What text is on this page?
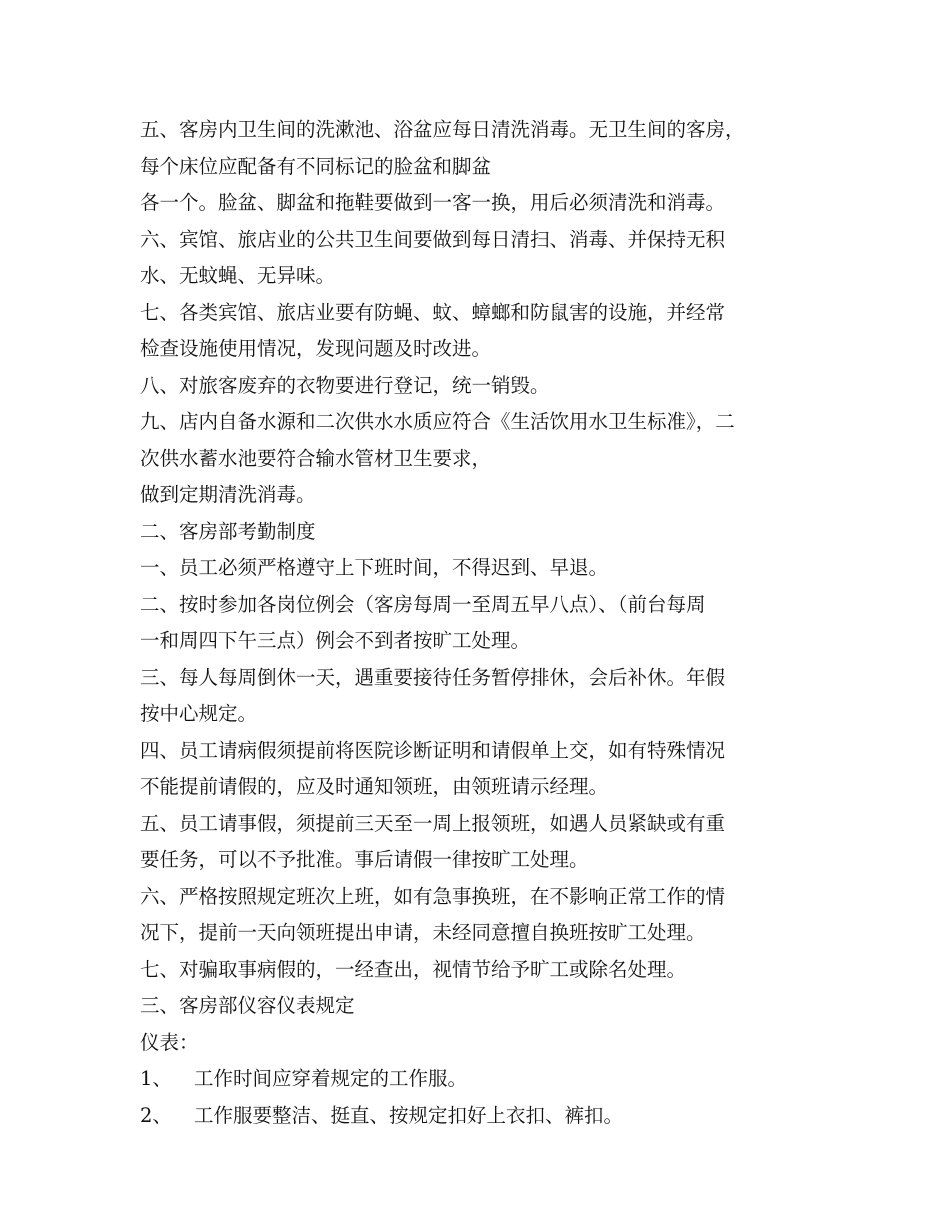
五、客房内卫生间的洗漱池、浴盆应每日清洗消毒。无卫生间的客房，
每个床位应配备有不同标记的脸盆和脚盆
各一个。脸盆、脚盆和拖鞋要做到一客一换，用后必须清洗和消毒。
六、宾馆、旅店业的公共卫生间要做到每日清扫、消毒、并保持无积
水、无蚊蝇、无异味。
七、各类宾馆、旅店业要有防蝇、蚊、蟑螂和防鼠害的设施，并经常
检查设施使用情况，发现问题及时改进。
八、对旅客废弃的衣物要进行登记，统一销毁。
九、店内自备水源和二次供水水质应符合《生活饮用水卫生标准》，二
次供水蓄水池要符合输水管材卫生要求，
做到定期清洗消毒。
二、客房部考勤制度
一、员工必须严格遵守上下班时间，不得迟到、早退。
二、按时参加各岗位例会（客房每周一至周五早八点）、（前台每周
一和周四下午三点）例会不到者按旷工处理。
三、每人每周倒休一天，遇重要接待任务暂停排休，会后补休。年假
按中心规定。
四、员工请病假须提前将医院诊断证明和请假单上交，如有特殊情况
不能提前请假的，应及时通知领班，由领班请示经理。
五、员工请事假，须提前三天至一周上报领班，如遇人员紧缺或有重
要任务，可以不予批准。事后请假一律按旷工处理。
六、严格按照规定班次上班，如有急事换班，在不影响正常工作的情
况下，提前一天向领班提出申请，未经同意擅自换班按旷工处理。
七、对骗取事病假的，一经查出，视情节给予旷工或除名处理。
三、客房部仪容仪表规定
仪表：
1、	工作时间应穿着规定的工作服。
2、	工作服要整洁、挺直、按规定扣好上衣扣、裤扣。
